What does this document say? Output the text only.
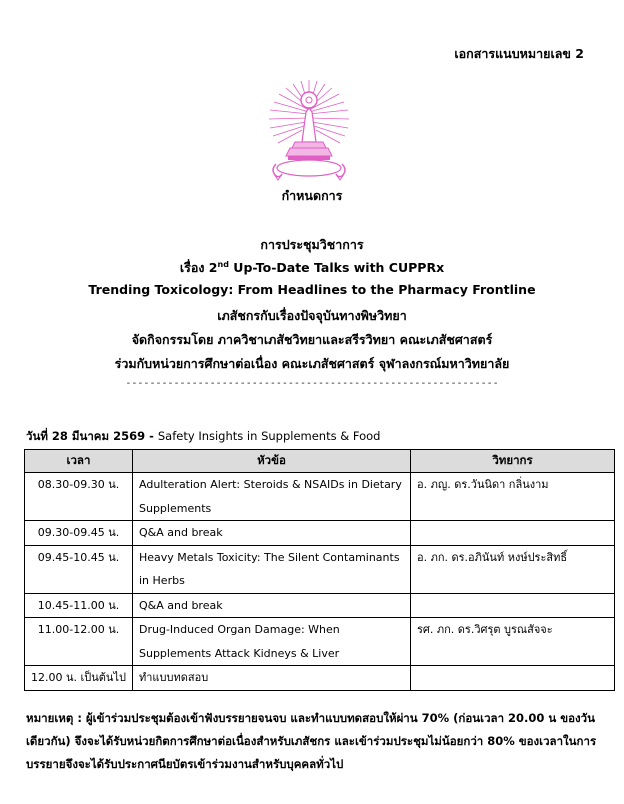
เอกสารแนบหมายเลข 2
กำหนดการ
การประชุมวิชาการ
เรื่อง 2nd Up-To-Date Talks with CUPPRx
Trending Toxicology: From Headlines to the Pharmacy Frontline
เภสัชกรกับเรื่องปัจจุบันทางพิษวิทยา
จัดกิจกรรมโดย ภาควิชาเภสัชวิทยาและสรีรวิทยา คณะเภสัชศาสตร์
ร่วมกับหน่วยการศึกษาต่อเนื่อง คณะเภสัชศาสตร์ จุฬาลงกรณ์มหาวิทยาลัย
--------------------------------------------------------------
วันที่ 28 มีนาคม 2569 - Safety Insights in Supplements & Food
เวลา	หัวข้อ	วิทยากร
08.30-09.30 น.	Adulteration Alert: Steroids & NSAIDs in Dietary Supplements	อ. ภญ. ดร.วันนิดา กลิ่นงาม
09.30-09.45 น.	Q&A and break	
09.45-10.45 น.	Heavy Metals Toxicity: The Silent Contaminants in Herbs	อ. ภก. ดร.อภินันท์ หงษ์ประสิทธิ์
10.45-11.00 น.	Q&A and break	
11.00-12.00 น.	Drug-Induced Organ Damage: When Supplements Attack Kidneys & Liver	รศ. ภก. ดร.วิศรุต บูรณสัจจะ
12.00 น. เป็นต้นไป	ทำแบบทดสอบ	
หมายเหตุ : ผู้เข้าร่วมประชุมต้องเข้าฟังบรรยายจนจบ และทำแบบทดสอบให้ผ่าน 70% (ก่อนเวลา 20.00 น ของวันเดียวกัน) จึงจะได้รับหน่วยกิตการศึกษาต่อเนื่องสำหรับเภสัชกร และเข้าร่วมประชุมไม่น้อยกว่า 80% ของเวลาในการบรรยายจึงจะได้รับประกาศนียบัตรเข้าร่วมงานสำหรับบุคคลทั่วไป
